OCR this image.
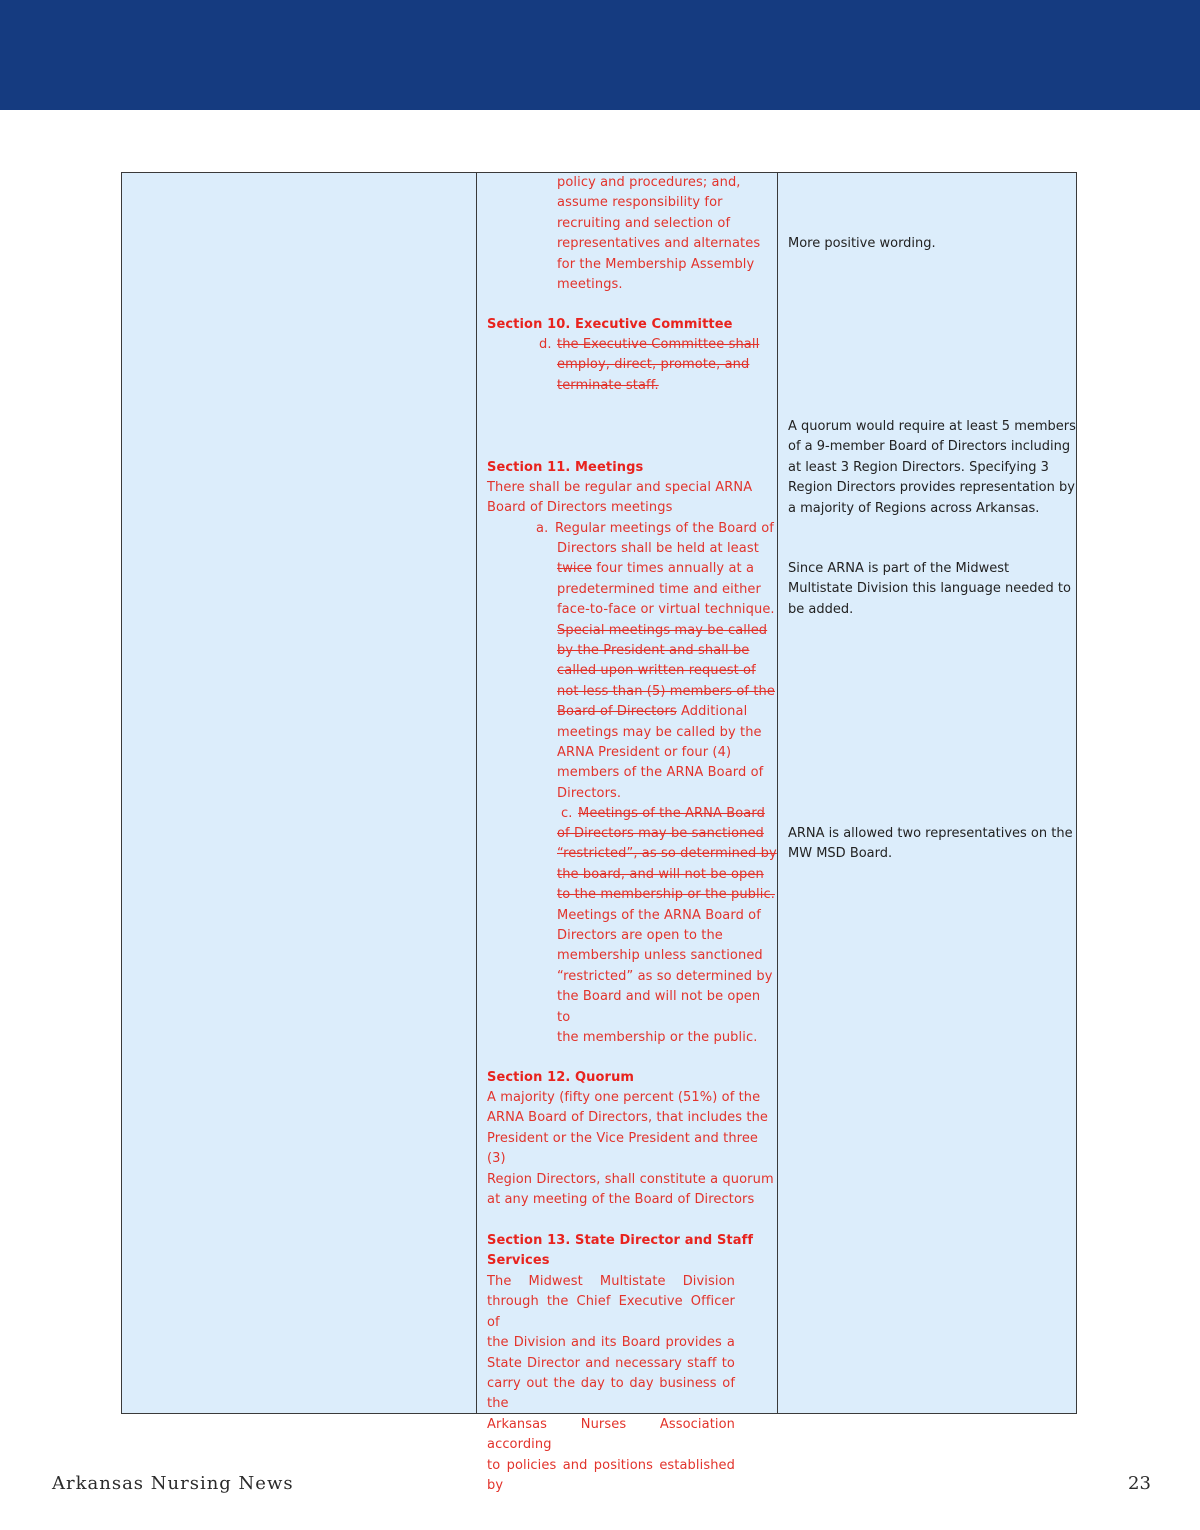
policy and procedures; and,
assume responsibility for
recruiting and selection of
representatives and alternates
for the Membership Assembly
meetings.
Section 10. Executive Committee
d. the Executive Committee shall
employ, direct, promote, and
terminate staff.
Section 11. Meetings
There shall be regular and special ARNA
Board of Directors meetings
a. Regular meetings of the Board of
Directors shall be held at least
twice four times annually at a
predetermined time and either
face-to-face or virtual technique.
Special meetings may be called
by the President and shall be
called upon written request of
not less than (5) members of the
Board of Directors Additional
meetings may be called by the
ARNA President or four (4)
members of the ARNA Board of
Directors.
c. Meetings of the ARNA Board
of Directors may be sanctioned
“restricted”, as so determined by
the board, and will not be open
to the membership or the public.
Meetings of the ARNA Board of
Directors are open to the
membership unless sanctioned
“restricted” as so determined by
the Board and will not be open to
the membership or the public.
Section 12. Quorum
A majority (fifty one percent (51%) of the
ARNA Board of Directors, that includes the
President or the Vice President and three (3)
Region Directors, shall constitute a quorum
at any meeting of the Board of Directors
Section 13. State Director and Staff
Services
The Midwest Multistate Division
through the Chief Executive Officer of
the Division and its Board provides a
State Director and necessary staff to
carry out the day to day business of the
Arkansas Nurses Association according
to policies and positions established by
More positive wording.
A quorum would require at least 5 members
of a 9-member Board of Directors including
at least 3 Region Directors. Specifying 3
Region Directors provides representation by
a majority of Regions across Arkansas.
Since ARNA is part of the Midwest
Multistate Division this language needed to
be added.
ARNA is allowed two representatives on the
MW MSD Board.
Arkansas Nursing News	23
